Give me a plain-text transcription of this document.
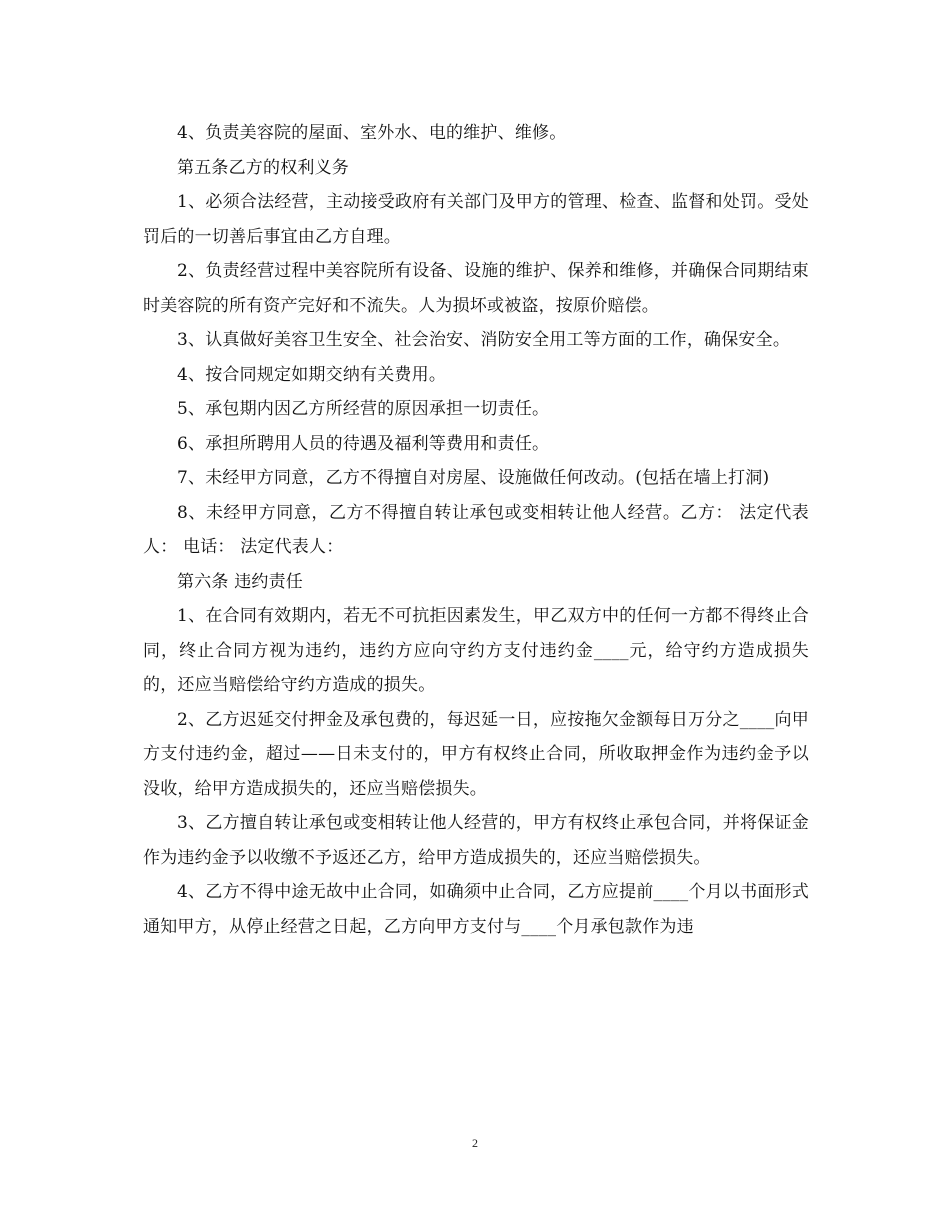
4、负责美容院的屋面、室外水、电的维护、维修。

第五条乙方的权利义务

1、必须合法经营，主动接受政府有关部门及甲方的管理、检查、监督和处罚。受处罚后的一切善后事宜由乙方自理。

2、负责经营过程中美容院所有设备、设施的维护、保养和维修，并确保合同期结束时美容院的所有资产完好和不流失。人为损坏或被盗，按原价赔偿。

3、认真做好美容卫生安全、社会治安、消防安全用工等方面的工作，确保安全。

4、按合同规定如期交纳有关费用。

5、承包期内因乙方所经营的原因承担一切责任。

6、承担所聘用人员的待遇及福利等费用和责任。

7、未经甲方同意，乙方不得擅自对房屋、设施做任何改动。(包括在墙上打洞)

8、未经甲方同意，乙方不得擅自转让承包或变相转让他人经营。乙方： 法定代表人： 电话： 法定代表人：

第六条 违约责任

1、在合同有效期内，若无不可抗拒因素发生，甲乙双方中的任何一方都不得终止合同，终止合同方视为违约，违约方应向守约方支付违约金____元，给守约方造成损失的，还应当赔偿给守约方造成的损失。

2、乙方迟延交付押金及承包费的，每迟延一日，应按拖欠金额每日万分之____向甲方支付违约金，超过——日未支付的，甲方有权终止合同，所收取押金作为违约金予以没收，给甲方造成损失的，还应当赔偿损失。

3、乙方擅自转让承包或变相转让他人经营的，甲方有权终止承包合同，并将保证金作为违约金予以收缴不予返还乙方，给甲方造成损失的，还应当赔偿损失。

4、乙方不得中途无故中止合同，如确须中止合同，乙方应提前____个月以书面形式通知甲方，从停止经营之日起，乙方向甲方支付与____个月承包款作为违

2
